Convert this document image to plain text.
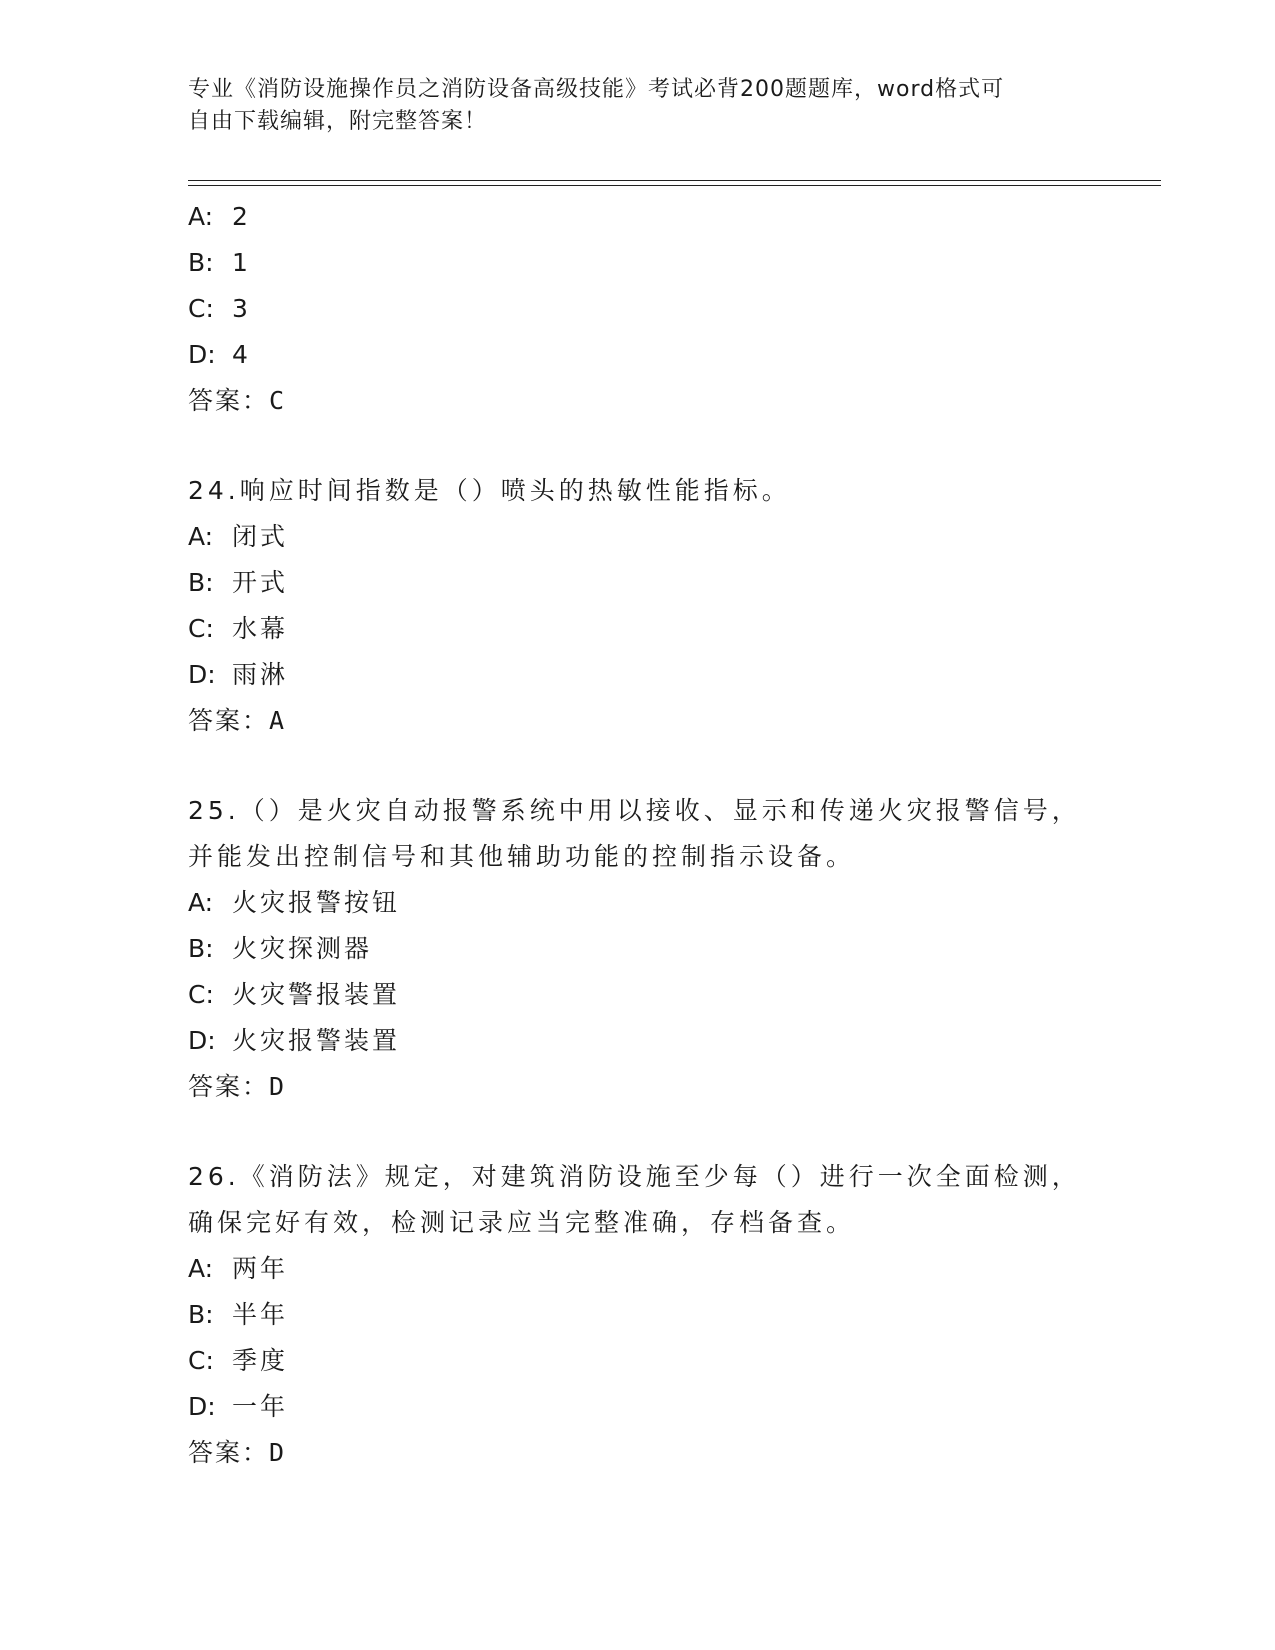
专业《消防设施操作员之消防设备高级技能》考试必背200题题库，word格式可
自由下载编辑，附完整答案！
A: 2
B: 1
C: 3
D: 4
答案：C
24.响应时间指数是（）喷头的热敏性能指标。
A: 闭式
B: 开式
C: 水幕
D: 雨淋
答案：A
25.（）是火灾自动报警系统中用以接收、显示和传递火灾报警信号，
并能发出控制信号和其他辅助功能的控制指示设备。
A: 火灾报警按钮
B: 火灾探测器
C: 火灾警报装置
D: 火灾报警装置
答案：D
26.《消防法》规定，对建筑消防设施至少每（）进行一次全面检测，
确保完好有效，检测记录应当完整准确，存档备查。
A: 两年
B: 半年
C: 季度
D: 一年
答案：D
